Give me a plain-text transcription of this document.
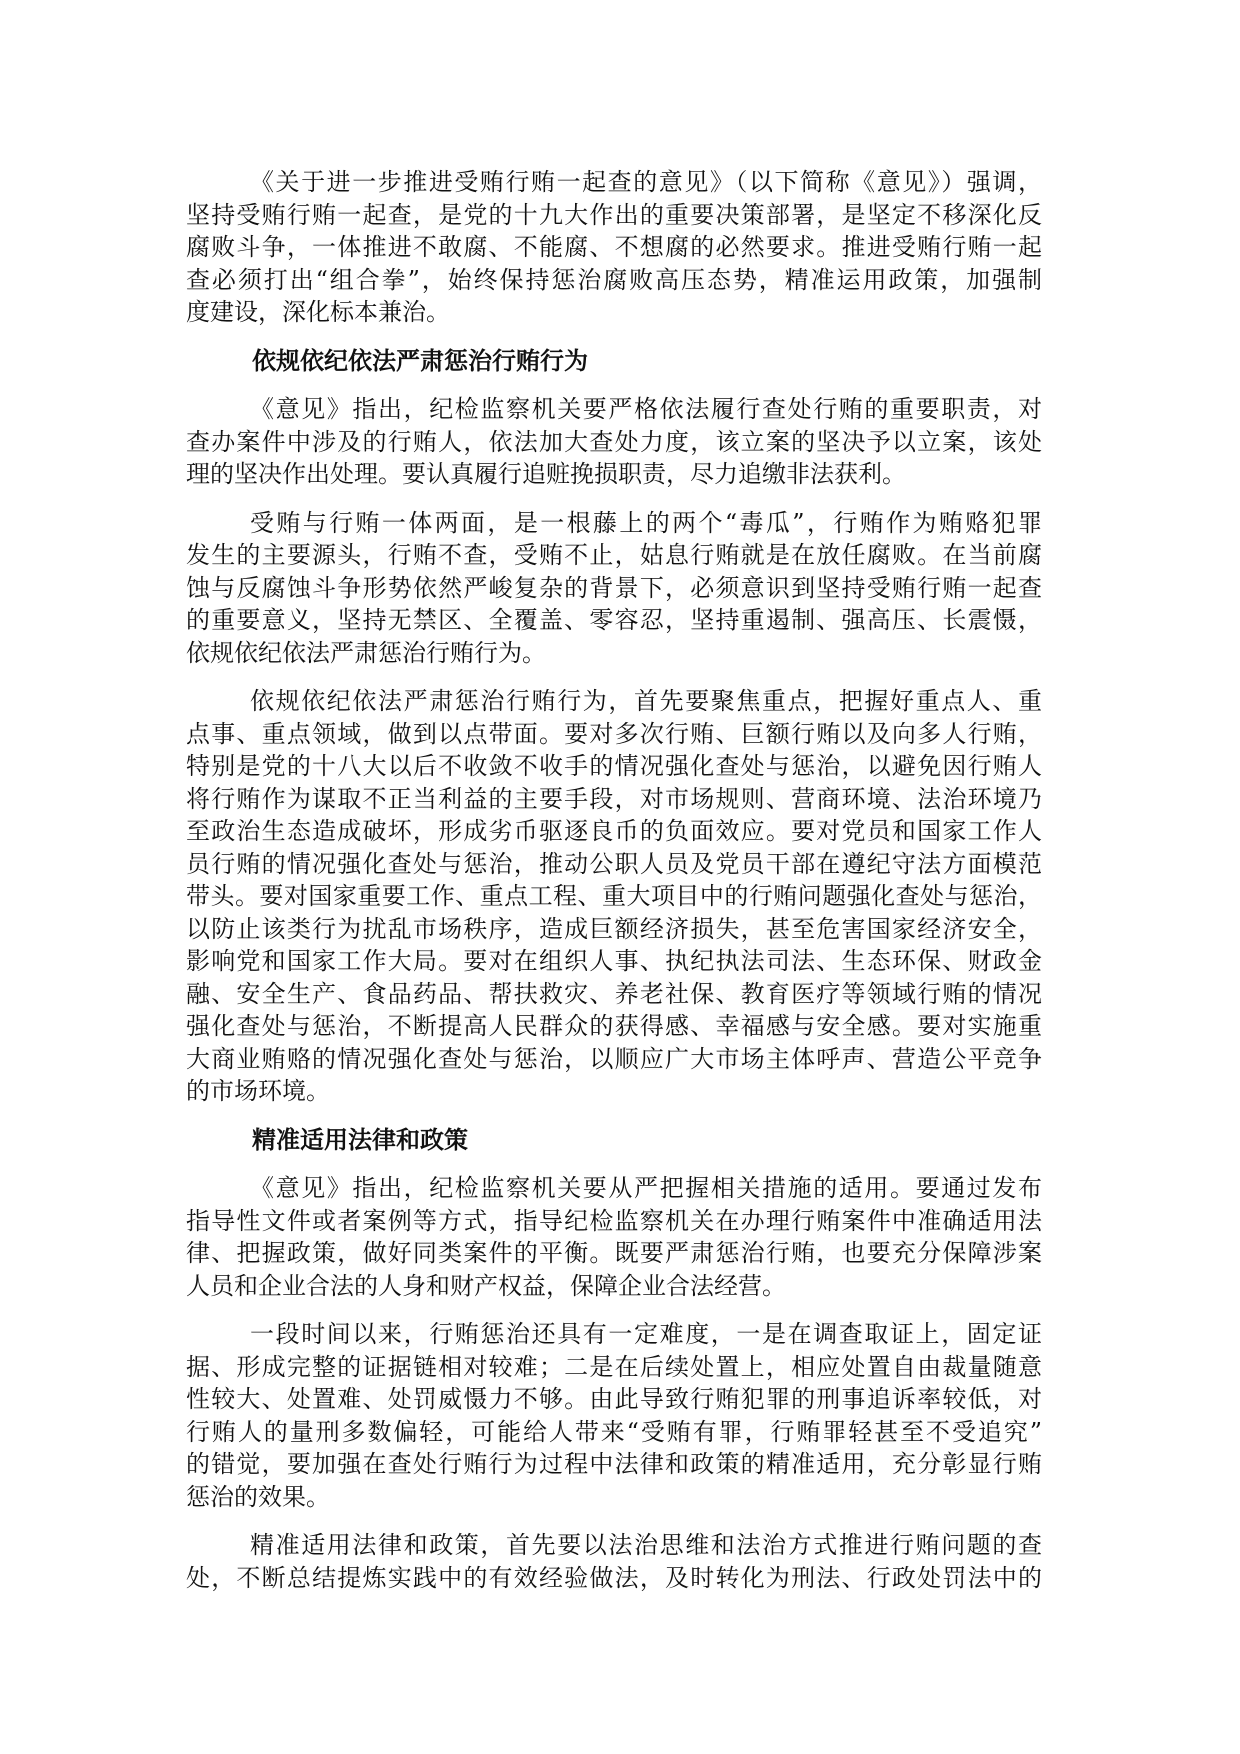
《关于进一步推进受贿行贿一起查的意见》（以下简称《意见》）强调，
坚持受贿行贿一起查，是党的十九大作出的重要决策部署，是坚定不移深化反
腐败斗争，一体推进不敢腐、不能腐、不想腐的必然要求。推进受贿行贿一起
查必须打出“组合拳”，始终保持惩治腐败高压态势，精准运用政策，加强制
度建设，深化标本兼治。
依规依纪依法严肃惩治行贿行为
《意见》指出，纪检监察机关要严格依法履行查处行贿的重要职责，对
查办案件中涉及的行贿人，依法加大查处力度，该立案的坚决予以立案，该处
理的坚决作出处理。要认真履行追赃挽损职责，尽力追缴非法获利。
受贿与行贿一体两面，是一根藤上的两个“毒瓜”，行贿作为贿赂犯罪
发生的主要源头，行贿不查，受贿不止，姑息行贿就是在放任腐败。在当前腐
蚀与反腐蚀斗争形势依然严峻复杂的背景下，必须意识到坚持受贿行贿一起查
的重要意义，坚持无禁区、全覆盖、零容忍，坚持重遏制、强高压、长震慑，
依规依纪依法严肃惩治行贿行为。
依规依纪依法严肃惩治行贿行为，首先要聚焦重点，把握好重点人、重
点事、重点领域，做到以点带面。要对多次行贿、巨额行贿以及向多人行贿，
特别是党的十八大以后不收敛不收手的情况强化查处与惩治，以避免因行贿人
将行贿作为谋取不正当利益的主要手段，对市场规则、营商环境、法治环境乃
至政治生态造成破坏，形成劣币驱逐良币的负面效应。要对党员和国家工作人
员行贿的情况强化查处与惩治，推动公职人员及党员干部在遵纪守法方面模范
带头。要对国家重要工作、重点工程、重大项目中的行贿问题强化查处与惩治，
以防止该类行为扰乱市场秩序，造成巨额经济损失，甚至危害国家经济安全，
影响党和国家工作大局。要对在组织人事、执纪执法司法、生态环保、财政金
融、安全生产、食品药品、帮扶救灾、养老社保、教育医疗等领域行贿的情况
强化查处与惩治，不断提高人民群众的获得感、幸福感与安全感。要对实施重
大商业贿赂的情况强化查处与惩治，以顺应广大市场主体呼声、营造公平竞争
的市场环境。
精准适用法律和政策
《意见》指出，纪检监察机关要从严把握相关措施的适用。要通过发布
指导性文件或者案例等方式，指导纪检监察机关在办理行贿案件中准确适用法
律、把握政策，做好同类案件的平衡。既要严肃惩治行贿，也要充分保障涉案
人员和企业合法的人身和财产权益，保障企业合法经营。
一段时间以来，行贿惩治还具有一定难度，一是在调查取证上，固定证
据、形成完整的证据链相对较难；二是在后续处置上，相应处置自由裁量随意
性较大、处置难、处罚威慑力不够。由此导致行贿犯罪的刑事追诉率较低，对
行贿人的量刑多数偏轻，可能给人带来“受贿有罪，行贿罪轻甚至不受追究”
的错觉，要加强在查处行贿行为过程中法律和政策的精准适用，充分彰显行贿
惩治的效果。
精准适用法律和政策，首先要以法治思维和法治方式推进行贿问题的查
处，不断总结提炼实践中的有效经验做法，及时转化为刑法、行政处罚法中的
